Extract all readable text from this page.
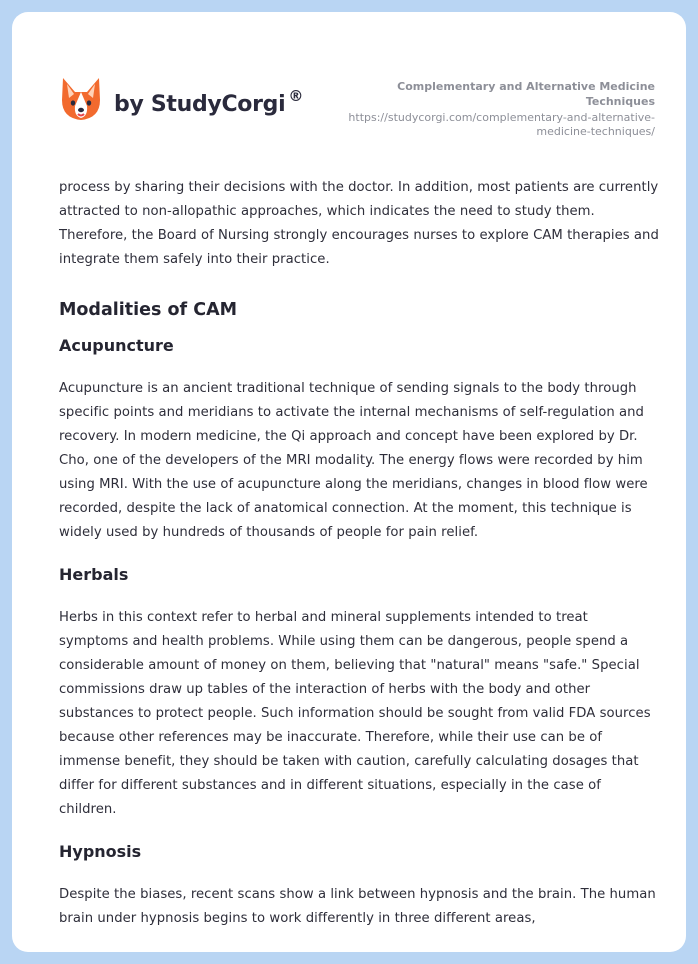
by StudyCorgi ®
Complementary and Alternative Medicine Techniques
https://studycorgi.com/complementary-and-alternative-medicine-techniques/

process by sharing their decisions with the doctor. In addition, most patients are currently attracted to non-allopathic approaches, which indicates the need to study them. Therefore, the Board of Nursing strongly encourages nurses to explore CAM therapies and integrate them safely into their practice.

Modalities of CAM
Acupuncture

Acupuncture is an ancient traditional technique of sending signals to the body through specific points and meridians to activate the internal mechanisms of self-regulation and recovery. In modern medicine, the Qi approach and concept have been explored by Dr. Cho, one of the developers of the MRI modality. The energy flows were recorded by him using MRI. With the use of acupuncture along the meridians, changes in blood flow were recorded, despite the lack of anatomical connection. At the moment, this technique is widely used by hundreds of thousands of people for pain relief.

Herbals

Herbs in this context refer to herbal and mineral supplements intended to treat symptoms and health problems. While using them can be dangerous, people spend a considerable amount of money on them, believing that "natural" means "safe." Special commissions draw up tables of the interaction of herbs with the body and other substances to protect people. Such information should be sought from valid FDA sources because other references may be inaccurate. Therefore, while their use can be of immense benefit, they should be taken with caution, carefully calculating dosages that differ for different substances and in different situations, especially in the case of children.

Hypnosis

Despite the biases, recent scans show a link between hypnosis and the brain. The human brain under hypnosis begins to work differently in three different areas,
